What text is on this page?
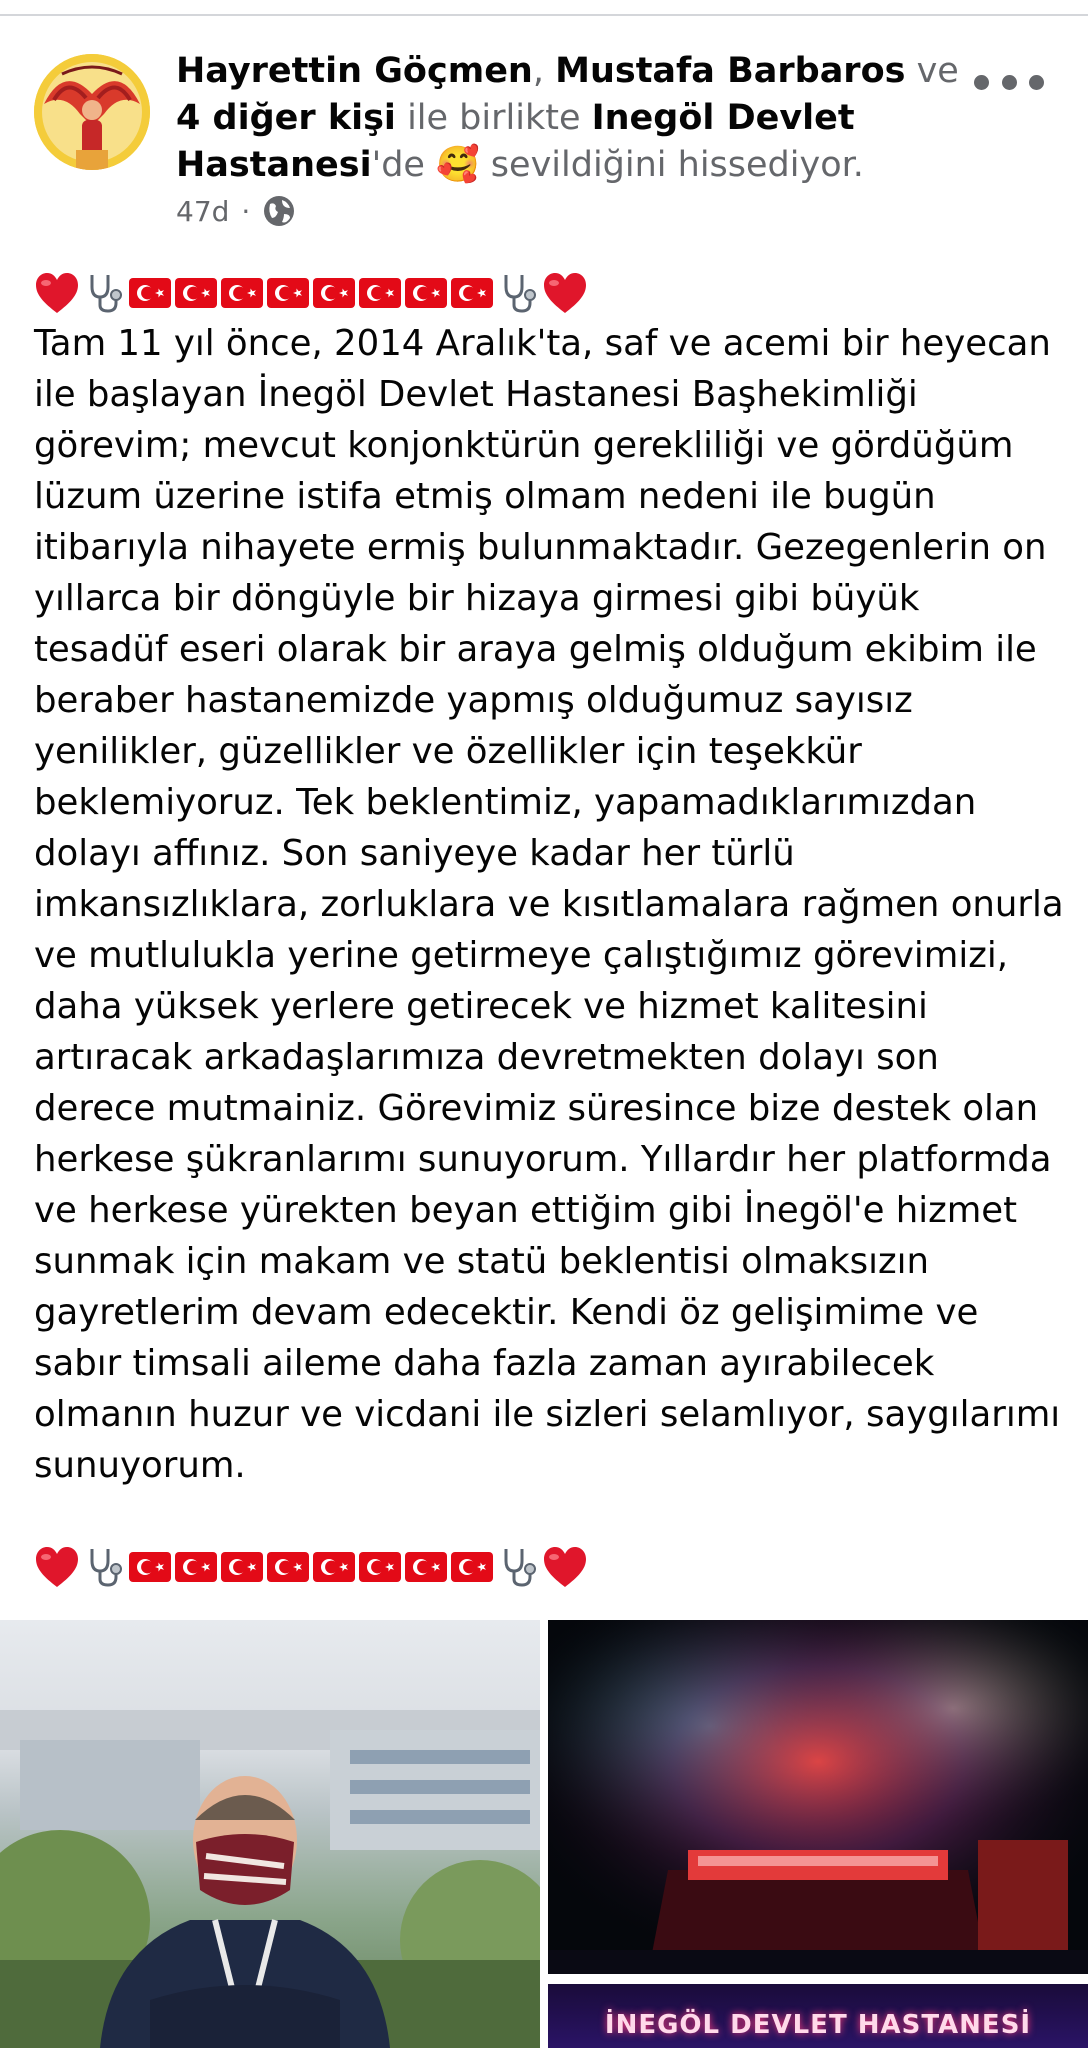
Hayrettin Göçmen, Mustafa Barbaros ve 4 diğer kişi ile birlikte Inegöl Devlet Hastanesi'de 🥰 sevildiğini hissediyor.
47d ·
Tam 11 yıl önce, 2014 Aralık'ta, saf ve acemi bir heyecan ile başlayan İnegöl Devlet Hastanesi Başhekimliği görevim; mevcut konjonktürün gerekliliği ve gördüğüm lüzum üzerine istifa etmiş olmam nedeni ile bugün itibarıyla nihayete ermiş bulunmaktadır. Gezegenlerin on yıllarca bir döngüyle bir hizaya girmesi gibi büyük tesadüf eseri olarak bir araya gelmiş olduğum ekibim ile beraber hastanemizde yapmış olduğumuz sayısız yenilikler, güzellikler ve özellikler için teşekkür beklemiyoruz. Tek beklentimiz, yapamadıklarımızdan dolayı affınız. Son saniyeye kadar her türlü imkansızlıklara, zorluklara ve kısıtlamalara rağmen onurla ve mutlulukla yerine getirmeye çalıştığımız görevimizi, daha yüksek yerlere getirecek ve hizmet kalitesini artıracak arkadaşlarımıza devretmekten dolayı son derece mutmainiz. Görevimiz süresince bize destek olan herkese şükranlarımı sunuyorum. Yıllardır her platformda ve herkese yürekten beyan ettiğim gibi İnegöl'e hizmet sunmak için makam ve statü beklentisi olmaksızın gayretlerim devam edecektir. Kendi öz gelişimime ve sabır timsali aileme daha fazla zaman ayırabilecek olmanın huzur ve vicdani ile sizleri selamlıyor, saygılarımı sunuyorum.
İNEGÖL DEVLET HASTANESİ
